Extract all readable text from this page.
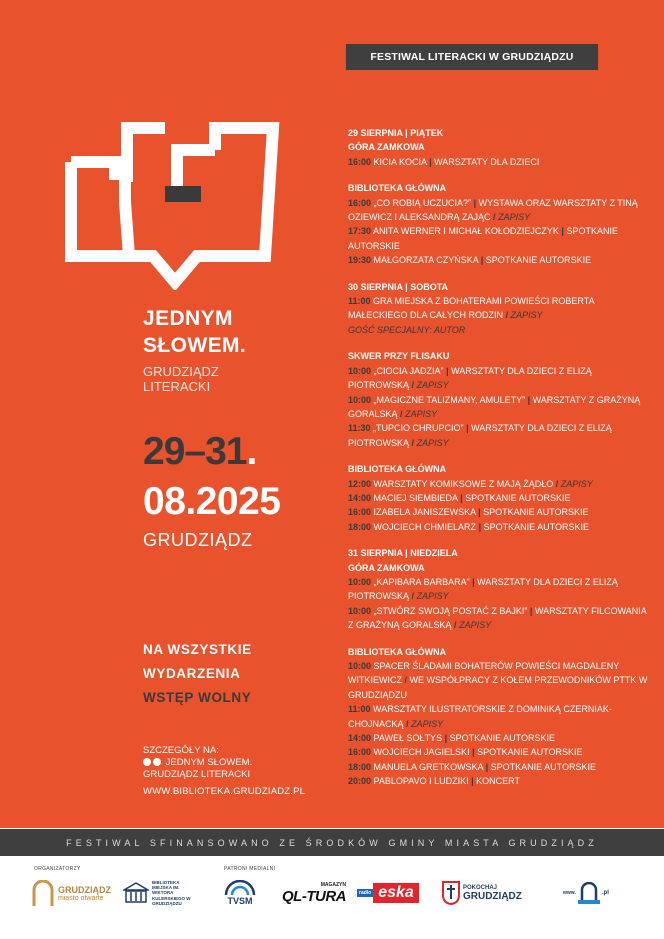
FESTIWAL LITERACKI W GRUDZIĄDZU
JEDNYM
SŁOWEM.
GRUDZIĄDZ
LITERACKI
29–31.
08.2025
GRUDZIĄDZ
NA WSZYSTKIE
WYDARZENIA
WSTĘP WOLNY
SZCZEGÓŁY NA:
JEDNYM SŁOWEM.
GRUDZIĄDZ LITERACKI
WWW.BIBLIOTEKA.GRUDZIADZ.PL
29 SIERPNIA | PIĄTEK
GÓRA ZAMKOWA
16:00 KICIA KOCIA | WARSZTATY DLA DZIECI
BIBLIOTEKA GŁÓWNA
16:00 „CO ROBIĄ UCZUCIA?” | WYSTAWA ORAZ WARSZTATY Z TINĄ OZIEWICZ I ALEKSANDRĄ ZAJĄC / ZAPISY
17:30 ANITA WERNER I MICHAŁ KOŁODZIEJCZYK | SPOTKANIE AUTORSKIE
19:30 MAŁGORZATA CZYŃSKA | SPOTKANIE AUTORSKIE
30 SIERPNIA | SOBOTA
11:00 GRA MIEJSKA Z BOHATERAMI POWIEŚCI ROBERTA MAŁECKIEGO DLA CAŁYCH RODZIN / ZAPISY
GOŚĆ SPECJALNY: AUTOR
SKWER PRZY FLISAKU
10:00 „CIOCIA JADZIA” | WARSZTATY DLA DZIECI Z ELIZĄ PIOTROWSKĄ / ZAPISY
10:00 „MAGICZNE TALIZMANY, AMULETY” | WARSZTATY Z GRAŻYNĄ GORALSKĄ / ZAPISY
11:30 „TUPCIO CHRUPCIO” | WARSZTATY DLA DZIECI Z ELIZĄ PIOTROWSKĄ / ZAPISY
BIBLIOTEKA GŁÓWNA
12:00 WARSZTATY KOMIKSOWE Z MAJĄ ŻĄDŁO / ZAPISY
14:00 MACIEJ SIEMBIEDA | SPOTKANIE AUTORSKIE
16:00 IZABELA JANISZEWSKA | SPOTKANIE AUTORSKIE
18:00 WOJCIECH CHMIELARZ | SPOTKANIE AUTORSKIE
31 SIERPNIA | NIEDZIELA
GÓRA ZAMKOWA
10:00 „KAPIBARA BARBARA” | WARSZTATY DLA DZIECI Z ELIZĄ PIOTROWSKĄ / ZAPISY
10:00 „STWÓRZ SWOJĄ POSTAĆ Z BAJKI” | WARSZTATY FILCOWANIA Z GRAŻYNĄ GORALSKĄ / ZAPISY
BIBLIOTEKA GŁÓWNA
10:00 SPACER ŚLADAMI BOHATERÓW POWIEŚCI MAGDALENY WITKIEWICZ / WE WSPÓŁPRACY Z KOŁEM PRZEWODNIKÓW PTTK W GRUDZIĄDZU
11:00 WARSZTATY ILUSTRATORSKIE Z DOMINIKĄ CZERNIAK-CHOJNACKĄ / ZAPISY
14:00 PAWEŁ SOŁTYS | SPOTKANIE AUTORSKIE
16:00 WOJCIECH JAGIELSKI | SPOTKANIE AUTORSKIE
18:00 MANUELA GRETKOWSKA | SPOTKANIE AUTORSKIE
20:00 PABLOPAVO I LUDZIKI | KONCERT
FESTIWAL SFINANSOWANO ZE ŚRODKÓW GMINY MIASTA GRUDZIĄDZ
ORGANIZATORZY	PATRONI MEDIALNI
GRUDZIĄDZ
miasto otwarte
BIBLIOTEKA MIEJSKA IM. WIKTORA KULERSKIEGO W GRUDZIĄDZU	TVSM
MAGAZYN
QL-TURA	radio eska	POKOCHAJ
GRUDZIĄDZ	www.	.pl
